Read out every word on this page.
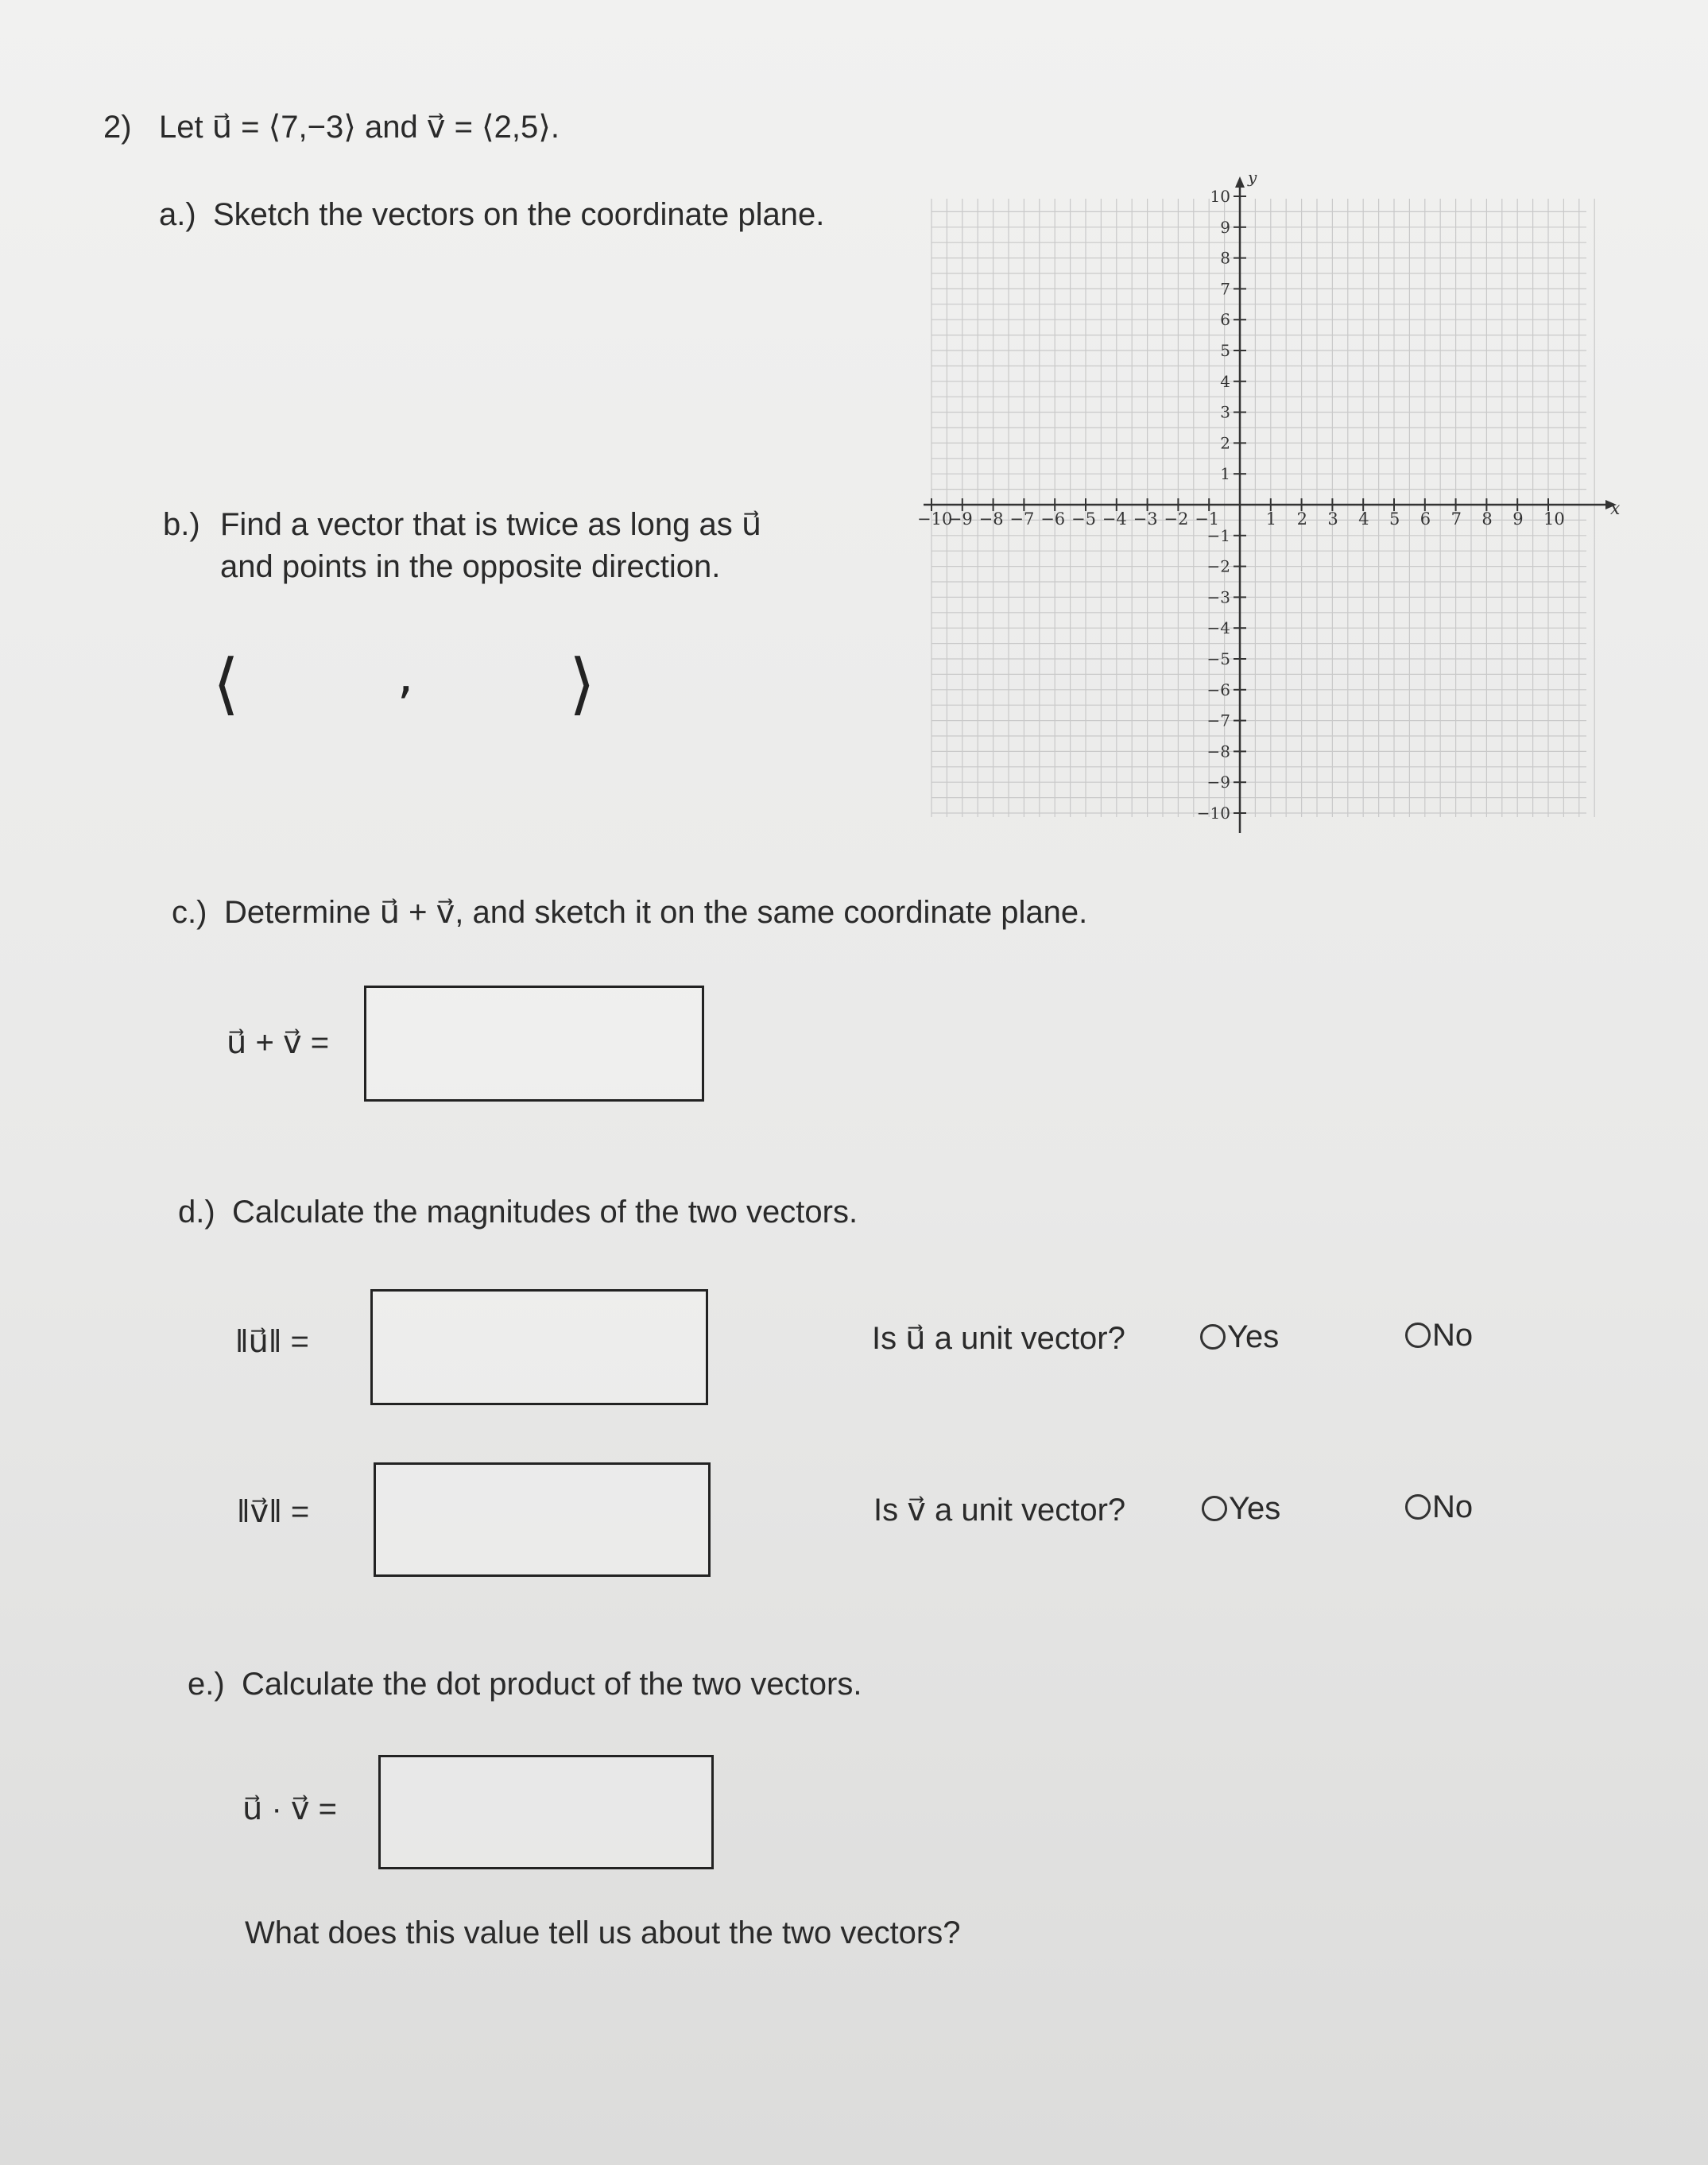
2) Let u⃗ = ⟨7,−3⟩ and v⃗ = ⟨2,5⟩.
a.) Sketch the vectors on the coordinate plane.
x
y
−10
−9 −8 −7 −6 −5 −4 −3 −2 −1	1 2 3 4 5 6 7 8 9 10
10
9
8
7
6
5
4
3
2
1
−1
−2
−3
−4
−5
−6
−7
−8
−9
−10
b.) Find a vector that is twice as long as u⃗
and points in the opposite direction.
⟨	, ⟩
c.) Determine u⃗ + v⃗, and sketch it on the same coordinate plane.
u⃗ + v⃗ =
d.) Calculate the magnitudes of the two vectors.
‖u⃗‖ =	Is u⃗ a unit vector?	Yes	No
‖v⃗‖ =	Is v⃗ a unit vector?	Yes	No
e.) Calculate the dot product of the two vectors.
u⃗ · v⃗ =
What does this value tell us about the two vectors?
